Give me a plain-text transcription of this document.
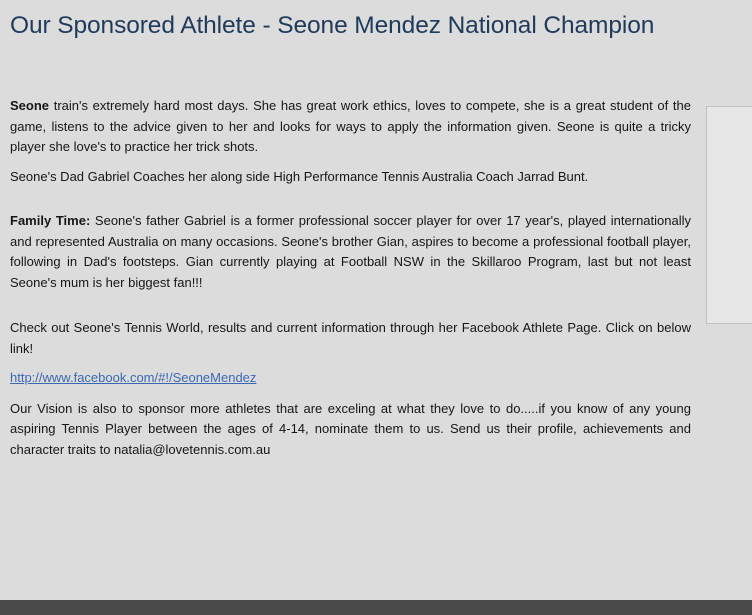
Our Sponsored Athlete - Seone Mendez National Champion

Seone train's extremely hard most days. She has great work ethics, loves to compete, she is a great student of the game, listens to the advice given to her and looks for ways to apply the information given. Seone is quite a tricky player she love's to practice her trick shots.

Seone's Dad Gabriel Coaches her along side High Performance Tennis Australia Coach Jarrad Bunt.

Family Time: Seone's father Gabriel is a former professional soccer player for over 17 year's, played internationally and represented Australia on many occasions. Seone's brother Gian, aspires to become a professional football player, following in Dad's footsteps. Gian currently playing at Football NSW in the Skillaroo Program, last but not least Seone's mum is her biggest fan!!!

Check out Seone's Tennis World, results and current information through her Facebook Athlete Page. Click on below link!

http://www.facebook.com/#!/SeoneMendez

Our Vision is also to sponsor more athletes that are exceling at what they love to do.....if you know of any young aspiring Tennis Player between the ages of 4-14, nominate them to us. Send us their profile, achievements and character traits to natalia@lovetennis.com.au
